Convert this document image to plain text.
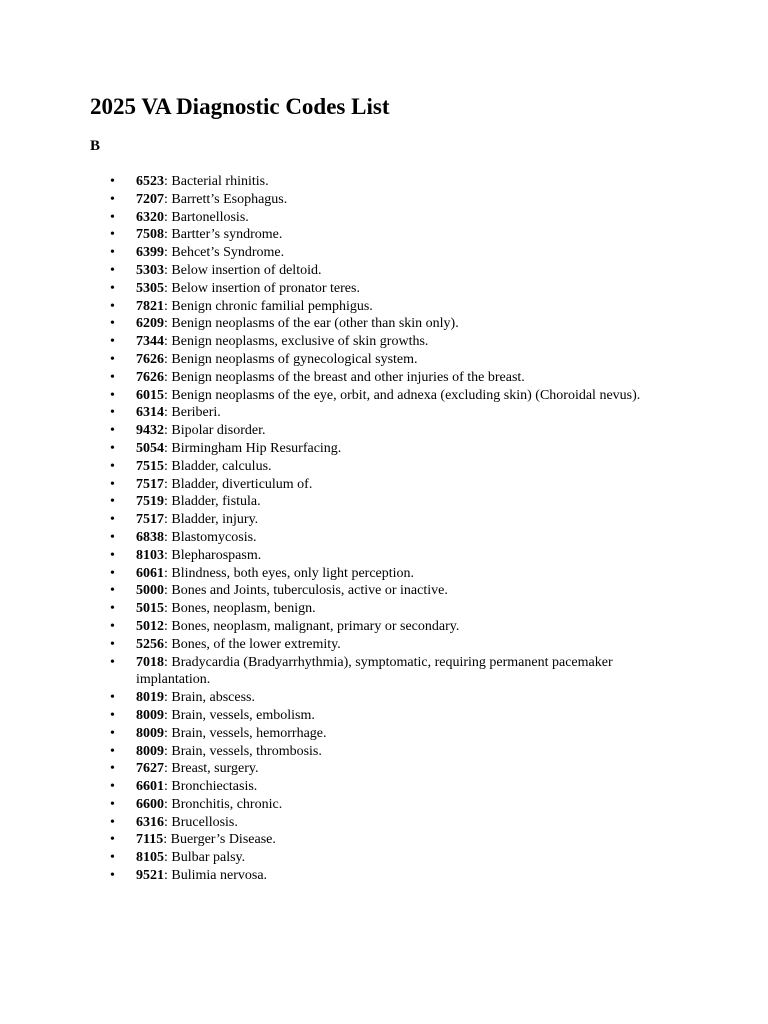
2025 VA Diagnostic Codes List
B
• 6523: Bacterial rhinitis.
• 7207: Barrett’s Esophagus.
• 6320: Bartonellosis.
• 7508: Bartter’s syndrome.
• 6399: Behcet’s Syndrome.
• 5303: Below insertion of deltoid.
• 5305: Below insertion of pronator teres.
• 7821: Benign chronic familial pemphigus.
• 6209: Benign neoplasms of the ear (other than skin only).
• 7344: Benign neoplasms, exclusive of skin growths.
• 7626: Benign neoplasms of gynecological system.
• 7626: Benign neoplasms of the breast and other injuries of the breast.
• 6015: Benign neoplasms of the eye, orbit, and adnexa (excluding skin) (Choroidal nevus).
• 6314: Beriberi.
• 9432: Bipolar disorder.
• 5054: Birmingham Hip Resurfacing.
• 7515: Bladder, calculus.
• 7517: Bladder, diverticulum of.
• 7519: Bladder, fistula.
• 7517: Bladder, injury.
• 6838: Blastomycosis.
• 8103: Blepharospasm.
• 6061: Blindness, both eyes, only light perception.
• 5000: Bones and Joints, tuberculosis, active or inactive.
• 5015: Bones, neoplasm, benign.
• 5012: Bones, neoplasm, malignant, primary or secondary.
• 5256: Bones, of the lower extremity.
• 7018: Bradycardia (Bradyarrhythmia), symptomatic, requiring permanent pacemaker implantation.
• 8019: Brain, abscess.
• 8009: Brain, vessels, embolism.
• 8009: Brain, vessels, hemorrhage.
• 8009: Brain, vessels, thrombosis.
• 7627: Breast, surgery.
• 6601: Bronchiectasis.
• 6600: Bronchitis, chronic.
• 6316: Brucellosis.
• 7115: Buerger’s Disease.
• 8105: Bulbar palsy.
• 9521: Bulimia nervosa.
